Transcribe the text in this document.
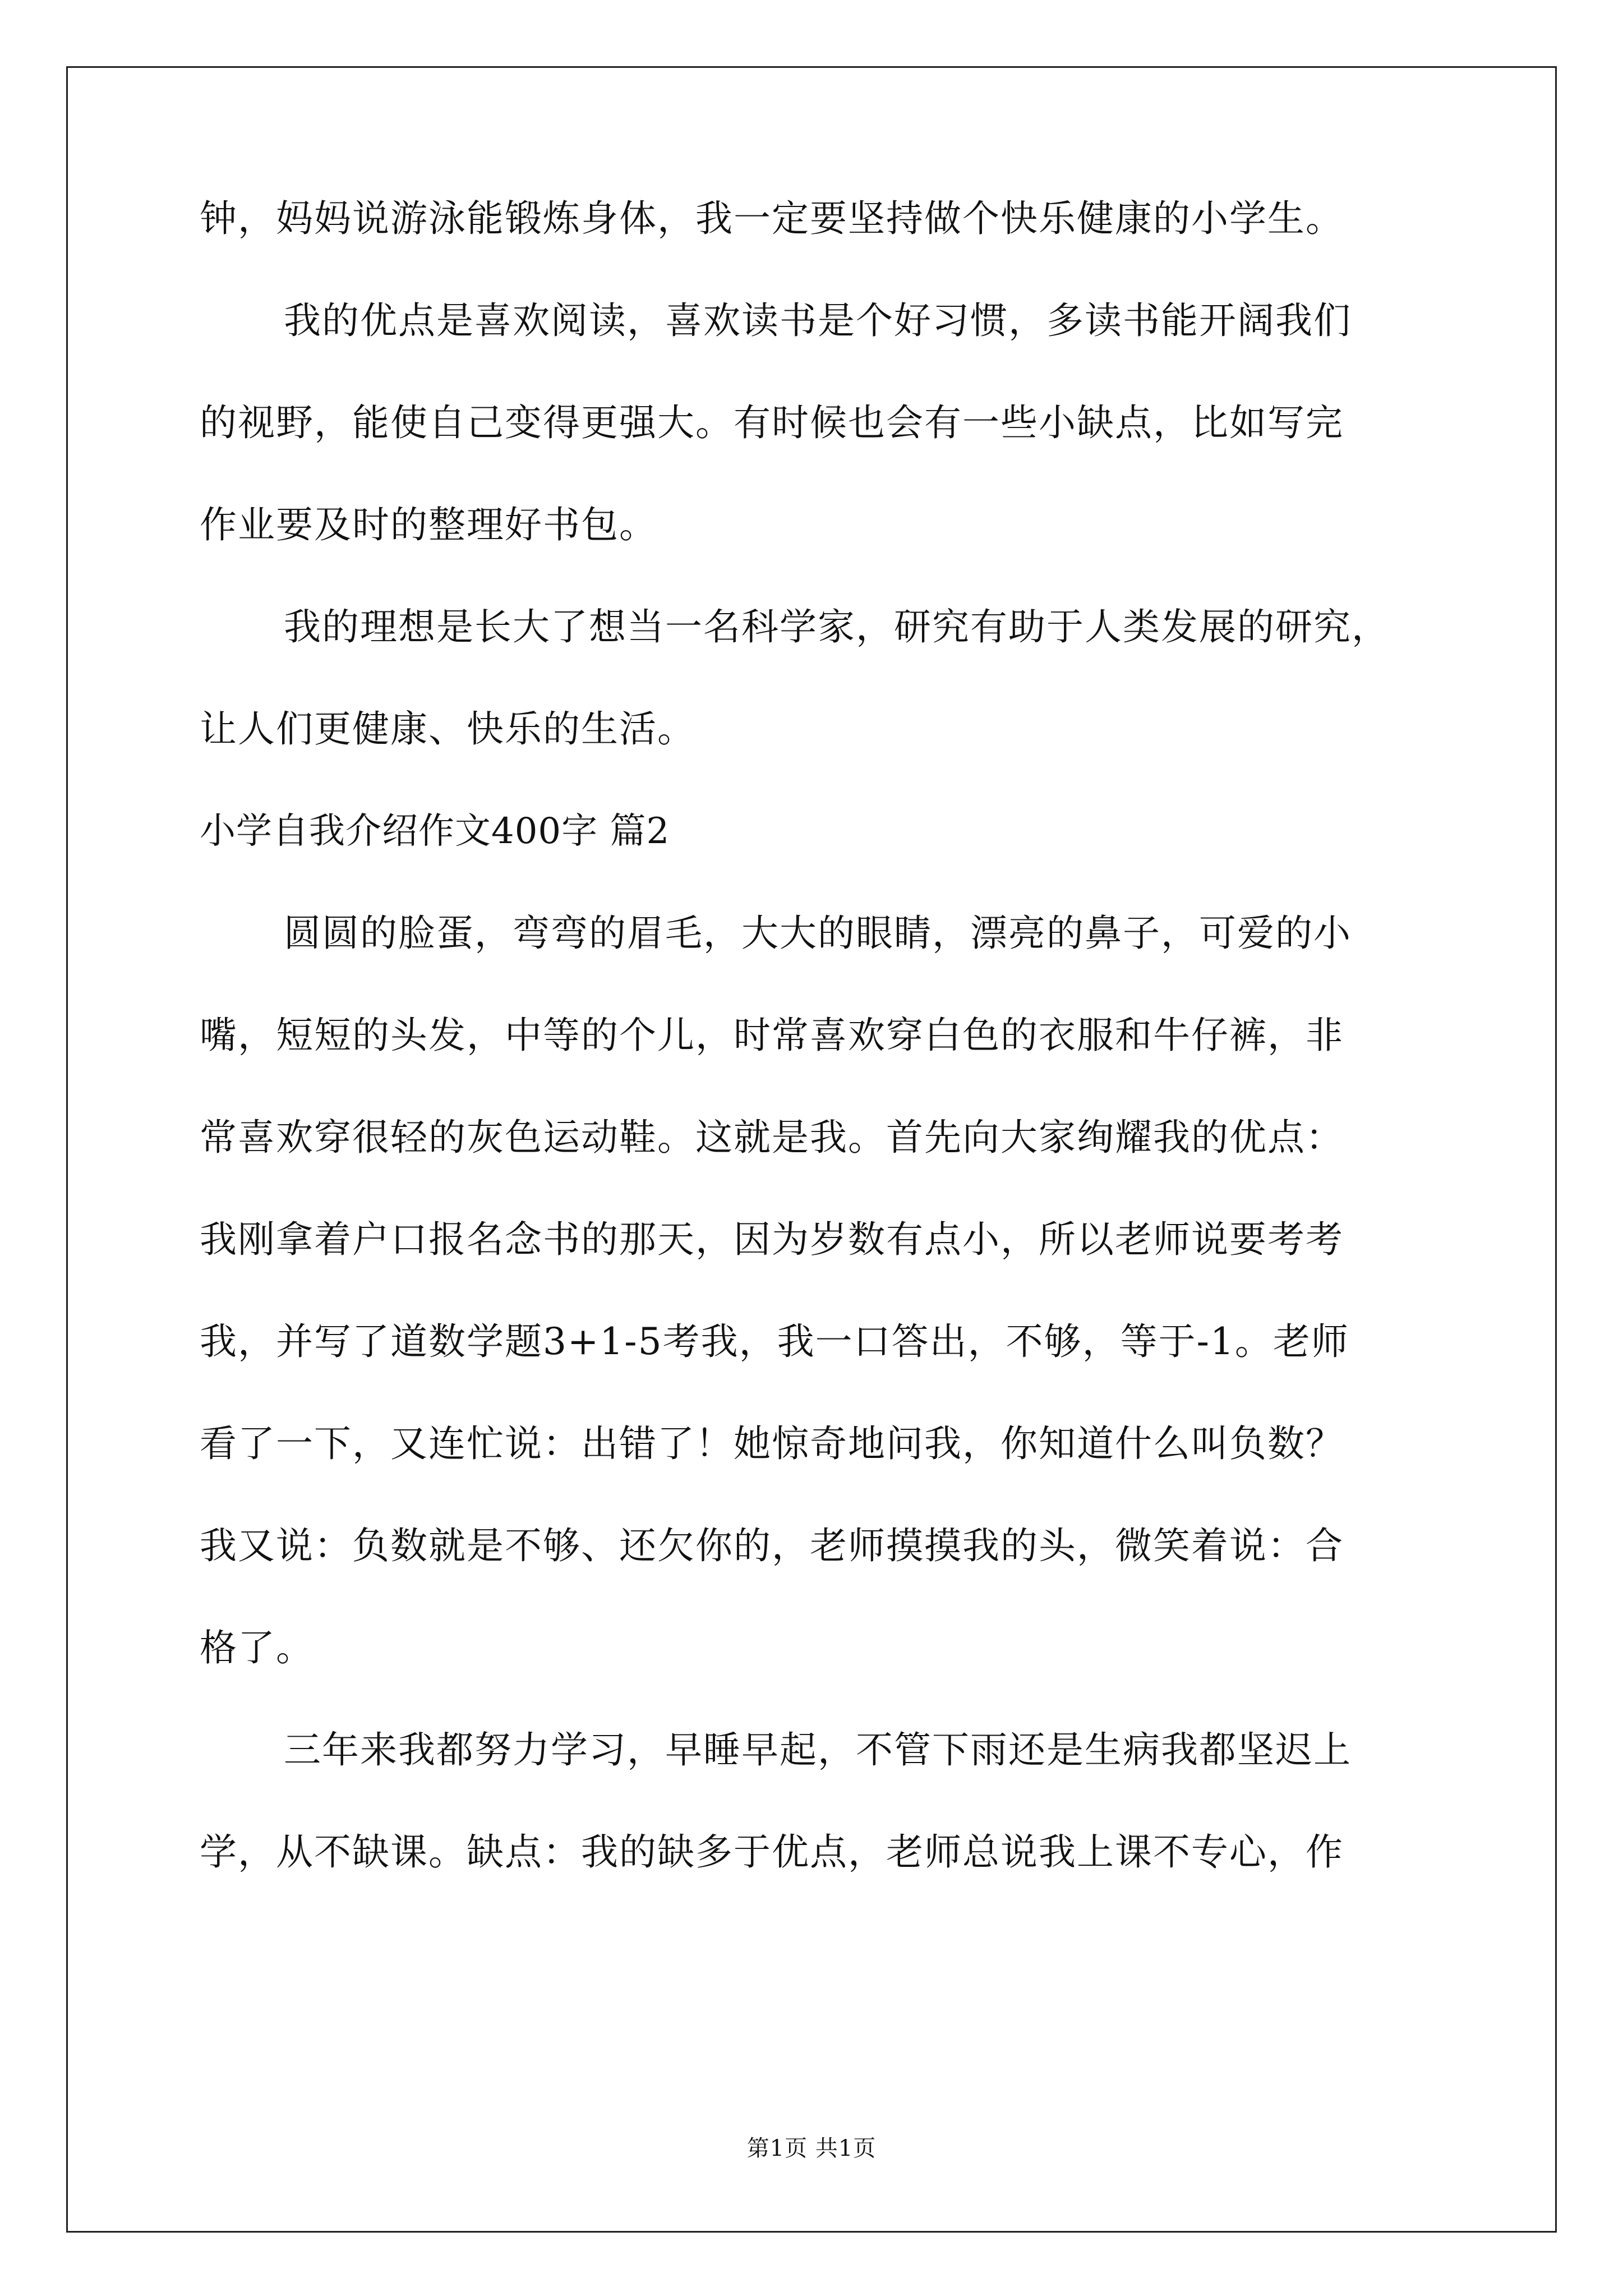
钟，妈妈说游泳能锻炼身体，我一定要坚持做个快乐健康的小学生。
我的优点是喜欢阅读，喜欢读书是个好习惯，多读书能开阔我们
的视野，能使自己变得更强大。有时候也会有一些小缺点，比如写完
作业要及时的整理好书包。
我的理想是长大了想当一名科学家，研究有助于人类发展的研究，
让人们更健康、快乐的生活。
小学自我介绍作文400字 篇2
圆圆的脸蛋，弯弯的眉毛，大大的眼睛，漂亮的鼻子，可爱的小
嘴，短短的头发，中等的个儿，时常喜欢穿白色的衣服和牛仔裤，非
常喜欢穿很轻的灰色运动鞋。这就是我。首先向大家绚耀我的优点：
我刚拿着户口报名念书的那天，因为岁数有点小，所以老师说要考考
我，并写了道数学题3+1-5考我，我一口答出，不够，等于-1。老师
看了一下，又连忙说：出错了！她惊奇地问我，你知道什么叫负数？
我又说：负数就是不够、还欠你的，老师摸摸我的头，微笑着说：合
格了。
三年来我都努力学习，早睡早起，不管下雨还是生病我都坚迟上
学，从不缺课。缺点：我的缺多于优点，老师总说我上课不专心，作
第1页 共1页
